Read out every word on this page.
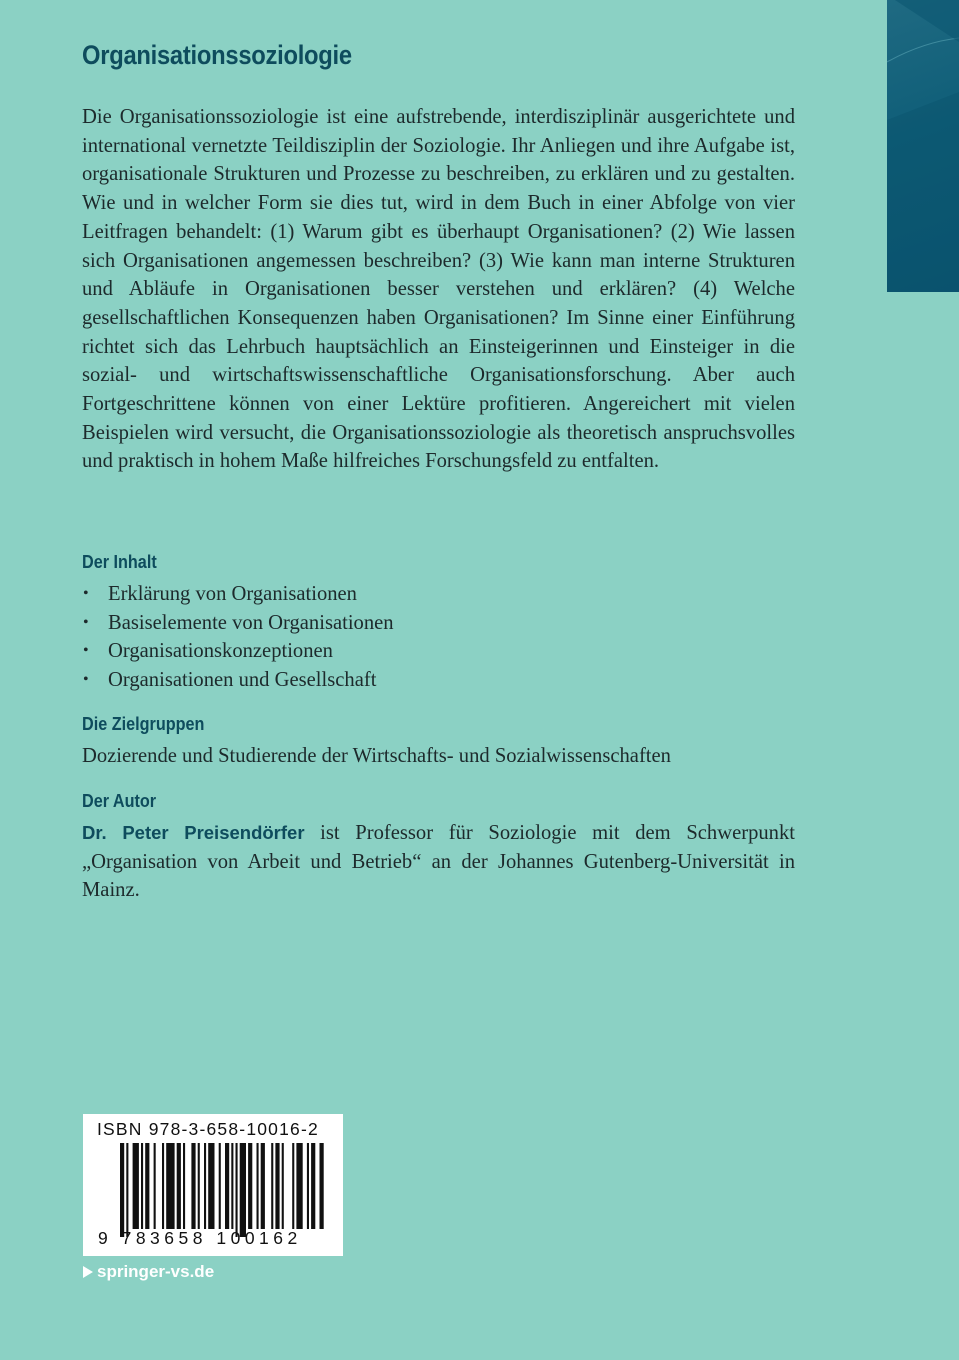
Organisationssoziologie

Die Organisationssoziologie ist eine aufstrebende, interdisziplinär ausgerichtete und international vernetzte Teildisziplin der Soziologie. Ihr Anliegen und ihre Aufgabe ist, organisationale Strukturen und Prozesse zu beschreiben, zu erklären und zu gestalten. Wie und in welcher Form sie dies tut, wird in dem Buch in einer Abfolge von vier Leitfragen behandelt: (1) Warum gibt es überhaupt Organisationen? (2) Wie lassen sich Organisationen angemessen beschreiben? (3) Wie kann man interne Strukturen und Abläufe in Organisationen besser verstehen und erklären? (4) Welche gesellschaftlichen Konsequenzen haben Organisationen? Im Sinne einer Einführung richtet sich das Lehrbuch hauptsächlich an Einsteigerinnen und Einsteiger in die sozial- und wirtschaftswissenschaftliche Organisationsforschung. Aber auch Fortgeschrittene können von einer Lektüre profitieren. Angereichert mit vielen Beispielen wird versucht, die Organisationssoziologie als theoretisch anspruchsvolles und praktisch in hohem Maße hilfreiches Forschungsfeld zu entfalten.

Der Inhalt
• Erklärung von Organisationen
• Basiselemente von Organisationen
• Organisationskonzeptionen
• Organisationen und Gesellschaft
Die Zielgruppen

Dozierende und Studierende der Wirtschafts- und Sozialwissenschaften

Der Autor

Dr. Peter Preisendörfer ist Professor für Soziologie mit dem Schwerpunkt „Organisation von Arbeit und Betrieb“ an der Johannes Gutenberg-Universität in Mainz.

ISBN 978-3-658-10016-2
9 783658 100162
springer-vs.de
